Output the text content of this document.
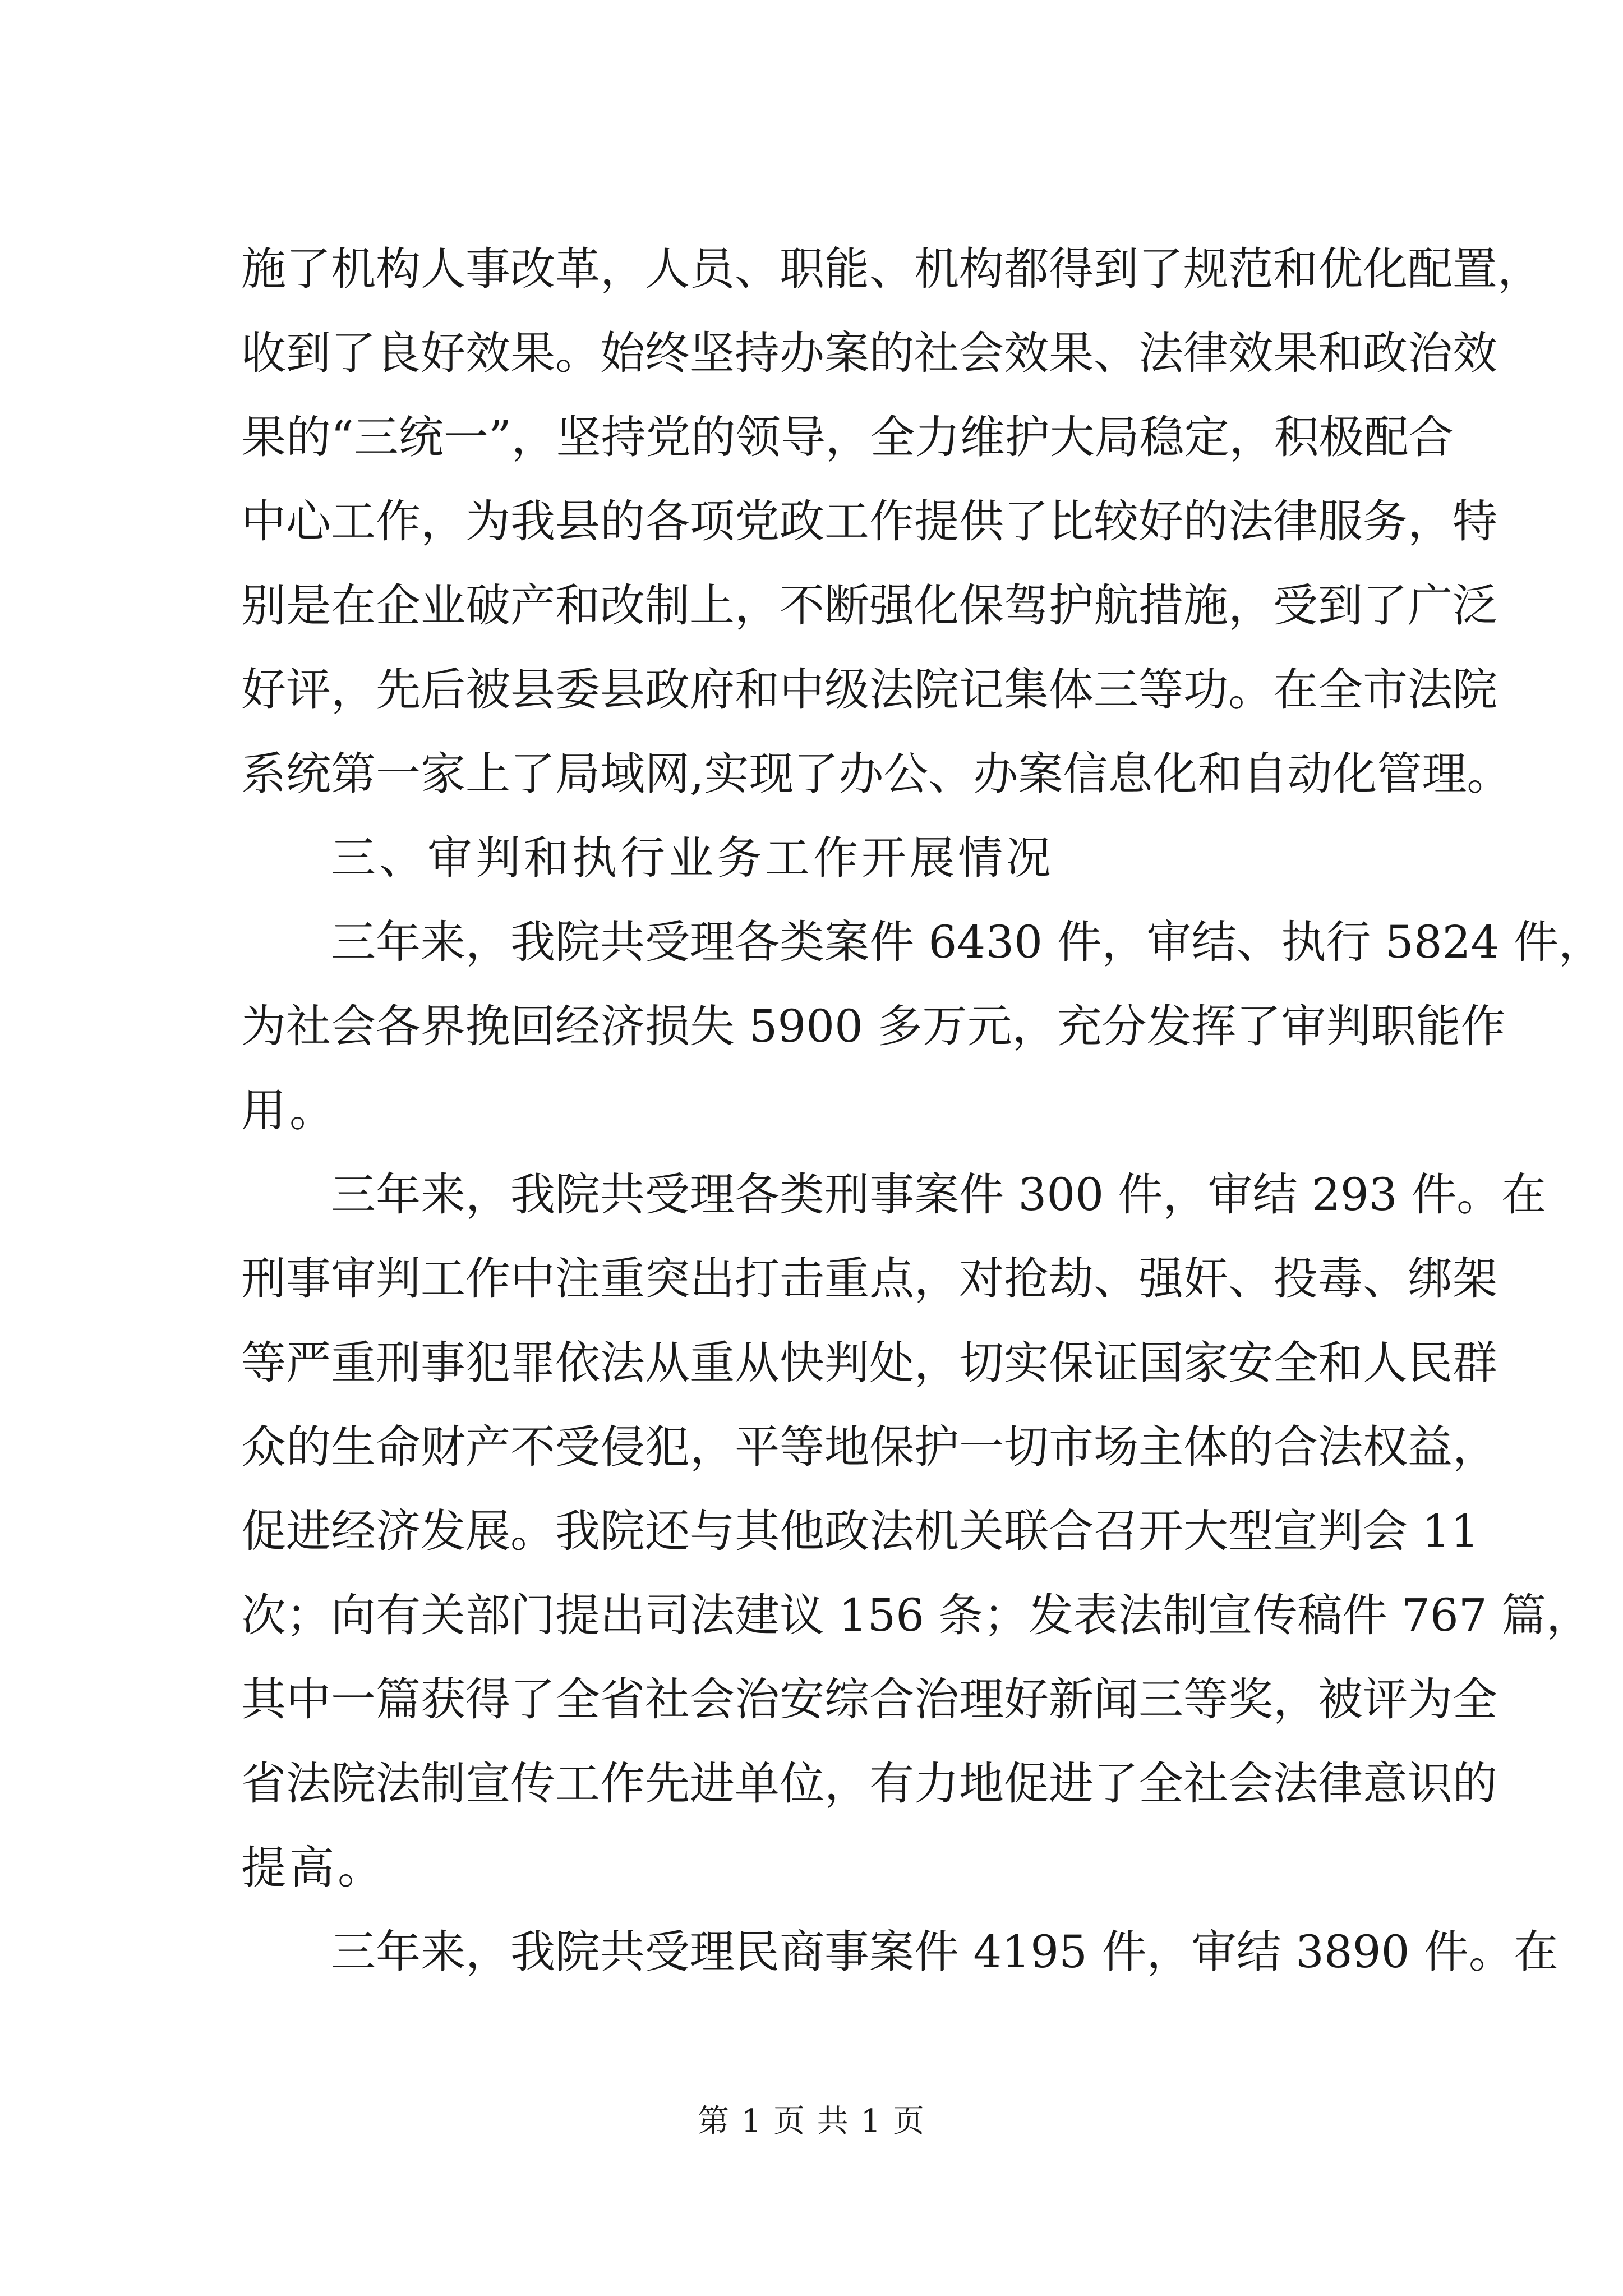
施了机构人事改革，人员、职能、机构都得到了规范和优化配置，
收到了良好效果。始终坚持办案的社会效果、法律效果和政治效
果的“三统一”，坚持党的领导，全力维护大局稳定，积极配合
中心工作，为我县的各项党政工作提供了比较好的法律服务，特
别是在企业破产和改制上，不断强化保驾护航措施，受到了广泛
好评，先后被县委县政府和中级法院记集体三等功。在全市法院
系统第一家上了局域网,实现了办公、办案信息化和自动化管理。
三、审判和执行业务工作开展情况
三年来，我院共受理各类案件 6430 件，审结、执行 5824 件，
为社会各界挽回经济损失 5900 多万元，充分发挥了审判职能作
用。
三年来，我院共受理各类刑事案件 300 件，审结 293 件。在
刑事审判工作中注重突出打击重点，对抢劫、强奸、投毒、绑架
等严重刑事犯罪依法从重从快判处，切实保证国家安全和人民群
众的生命财产不受侵犯，平等地保护一切市场主体的合法权益，
促进经济发展。我院还与其他政法机关联合召开大型宣判会 11
次；向有关部门提出司法建议 156 条；发表法制宣传稿件 767 篇，
其中一篇获得了全省社会治安综合治理好新闻三等奖，被评为全
省法院法制宣传工作先进单位，有力地促进了全社会法律意识的
提高。
三年来，我院共受理民商事案件 4195 件，审结 3890 件。在
第 1 页 共 1 页
